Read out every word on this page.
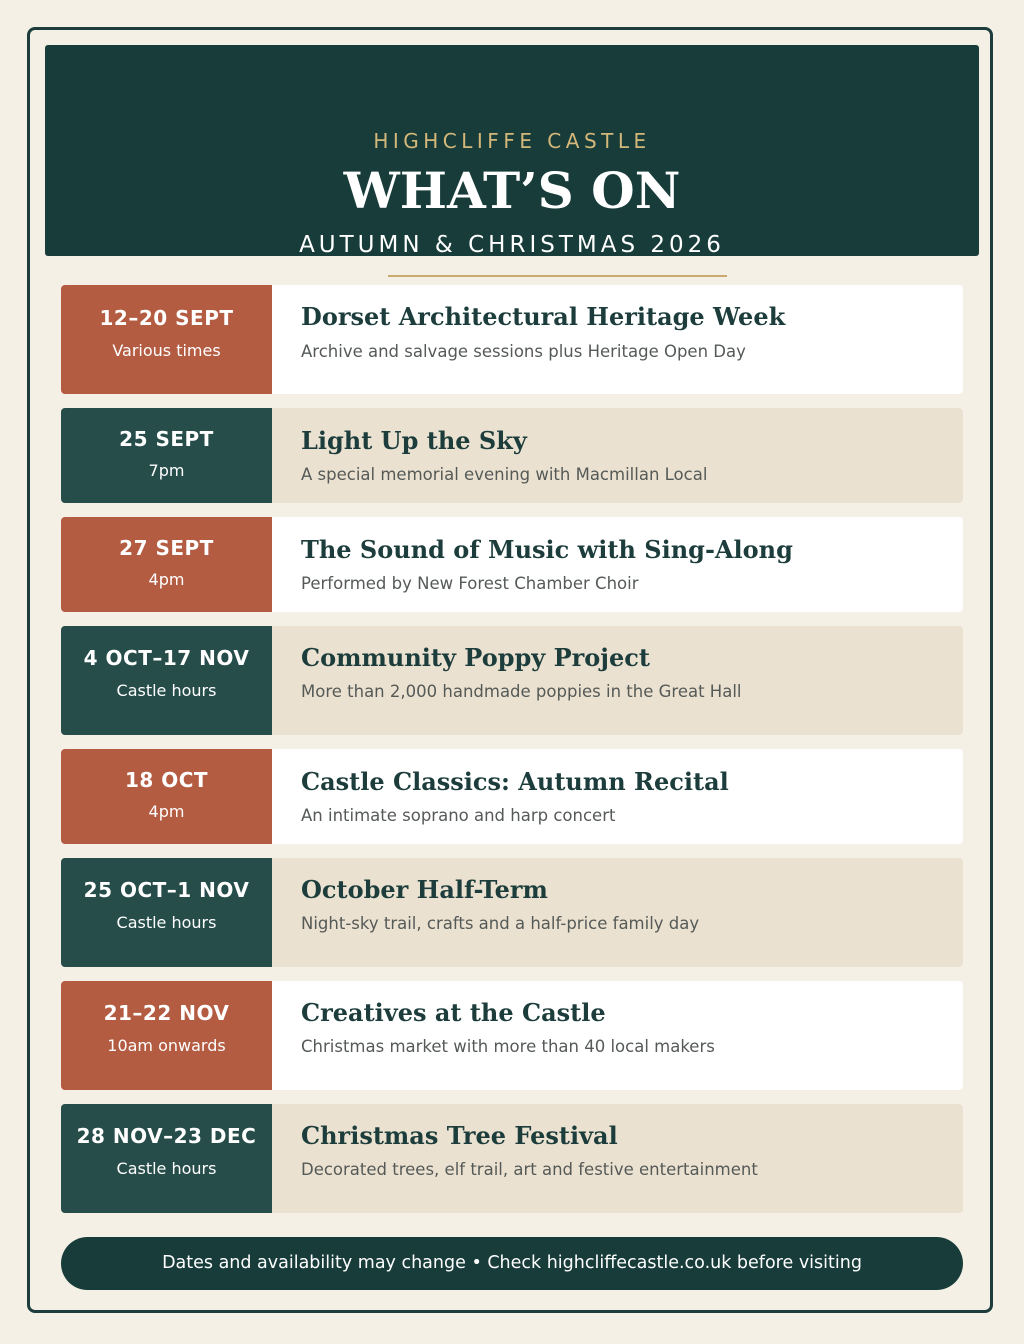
HIGHCLIFFE CASTLE
WHAT’S ON
AUTUMN & CHRISTMAS 2026
12–20 SEPT
Various times
Dorset Architectural Heritage Week
Archive and salvage sessions plus Heritage Open Day
25 SEPT
7pm
Light Up the Sky
A special memorial evening with Macmillan Local
27 SEPT
4pm
The Sound of Music with Sing-Along
Performed by New Forest Chamber Choir
4 OCT–17 NOV
Castle hours
Community Poppy Project
More than 2,000 handmade poppies in the Great Hall
18 OCT
4pm
Castle Classics: Autumn Recital
An intimate soprano and harp concert
25 OCT–1 NOV
Castle hours
October Half-Term
Night-sky trail, crafts and a half-price family day
21–22 NOV
10am onwards
Creatives at the Castle
Christmas market with more than 40 local makers
28 NOV–23 DEC
Castle hours
Christmas Tree Festival
Decorated trees, elf trail, art and festive entertainment
Dates and availability may change • Check highcliffecastle.co.uk before visiting
